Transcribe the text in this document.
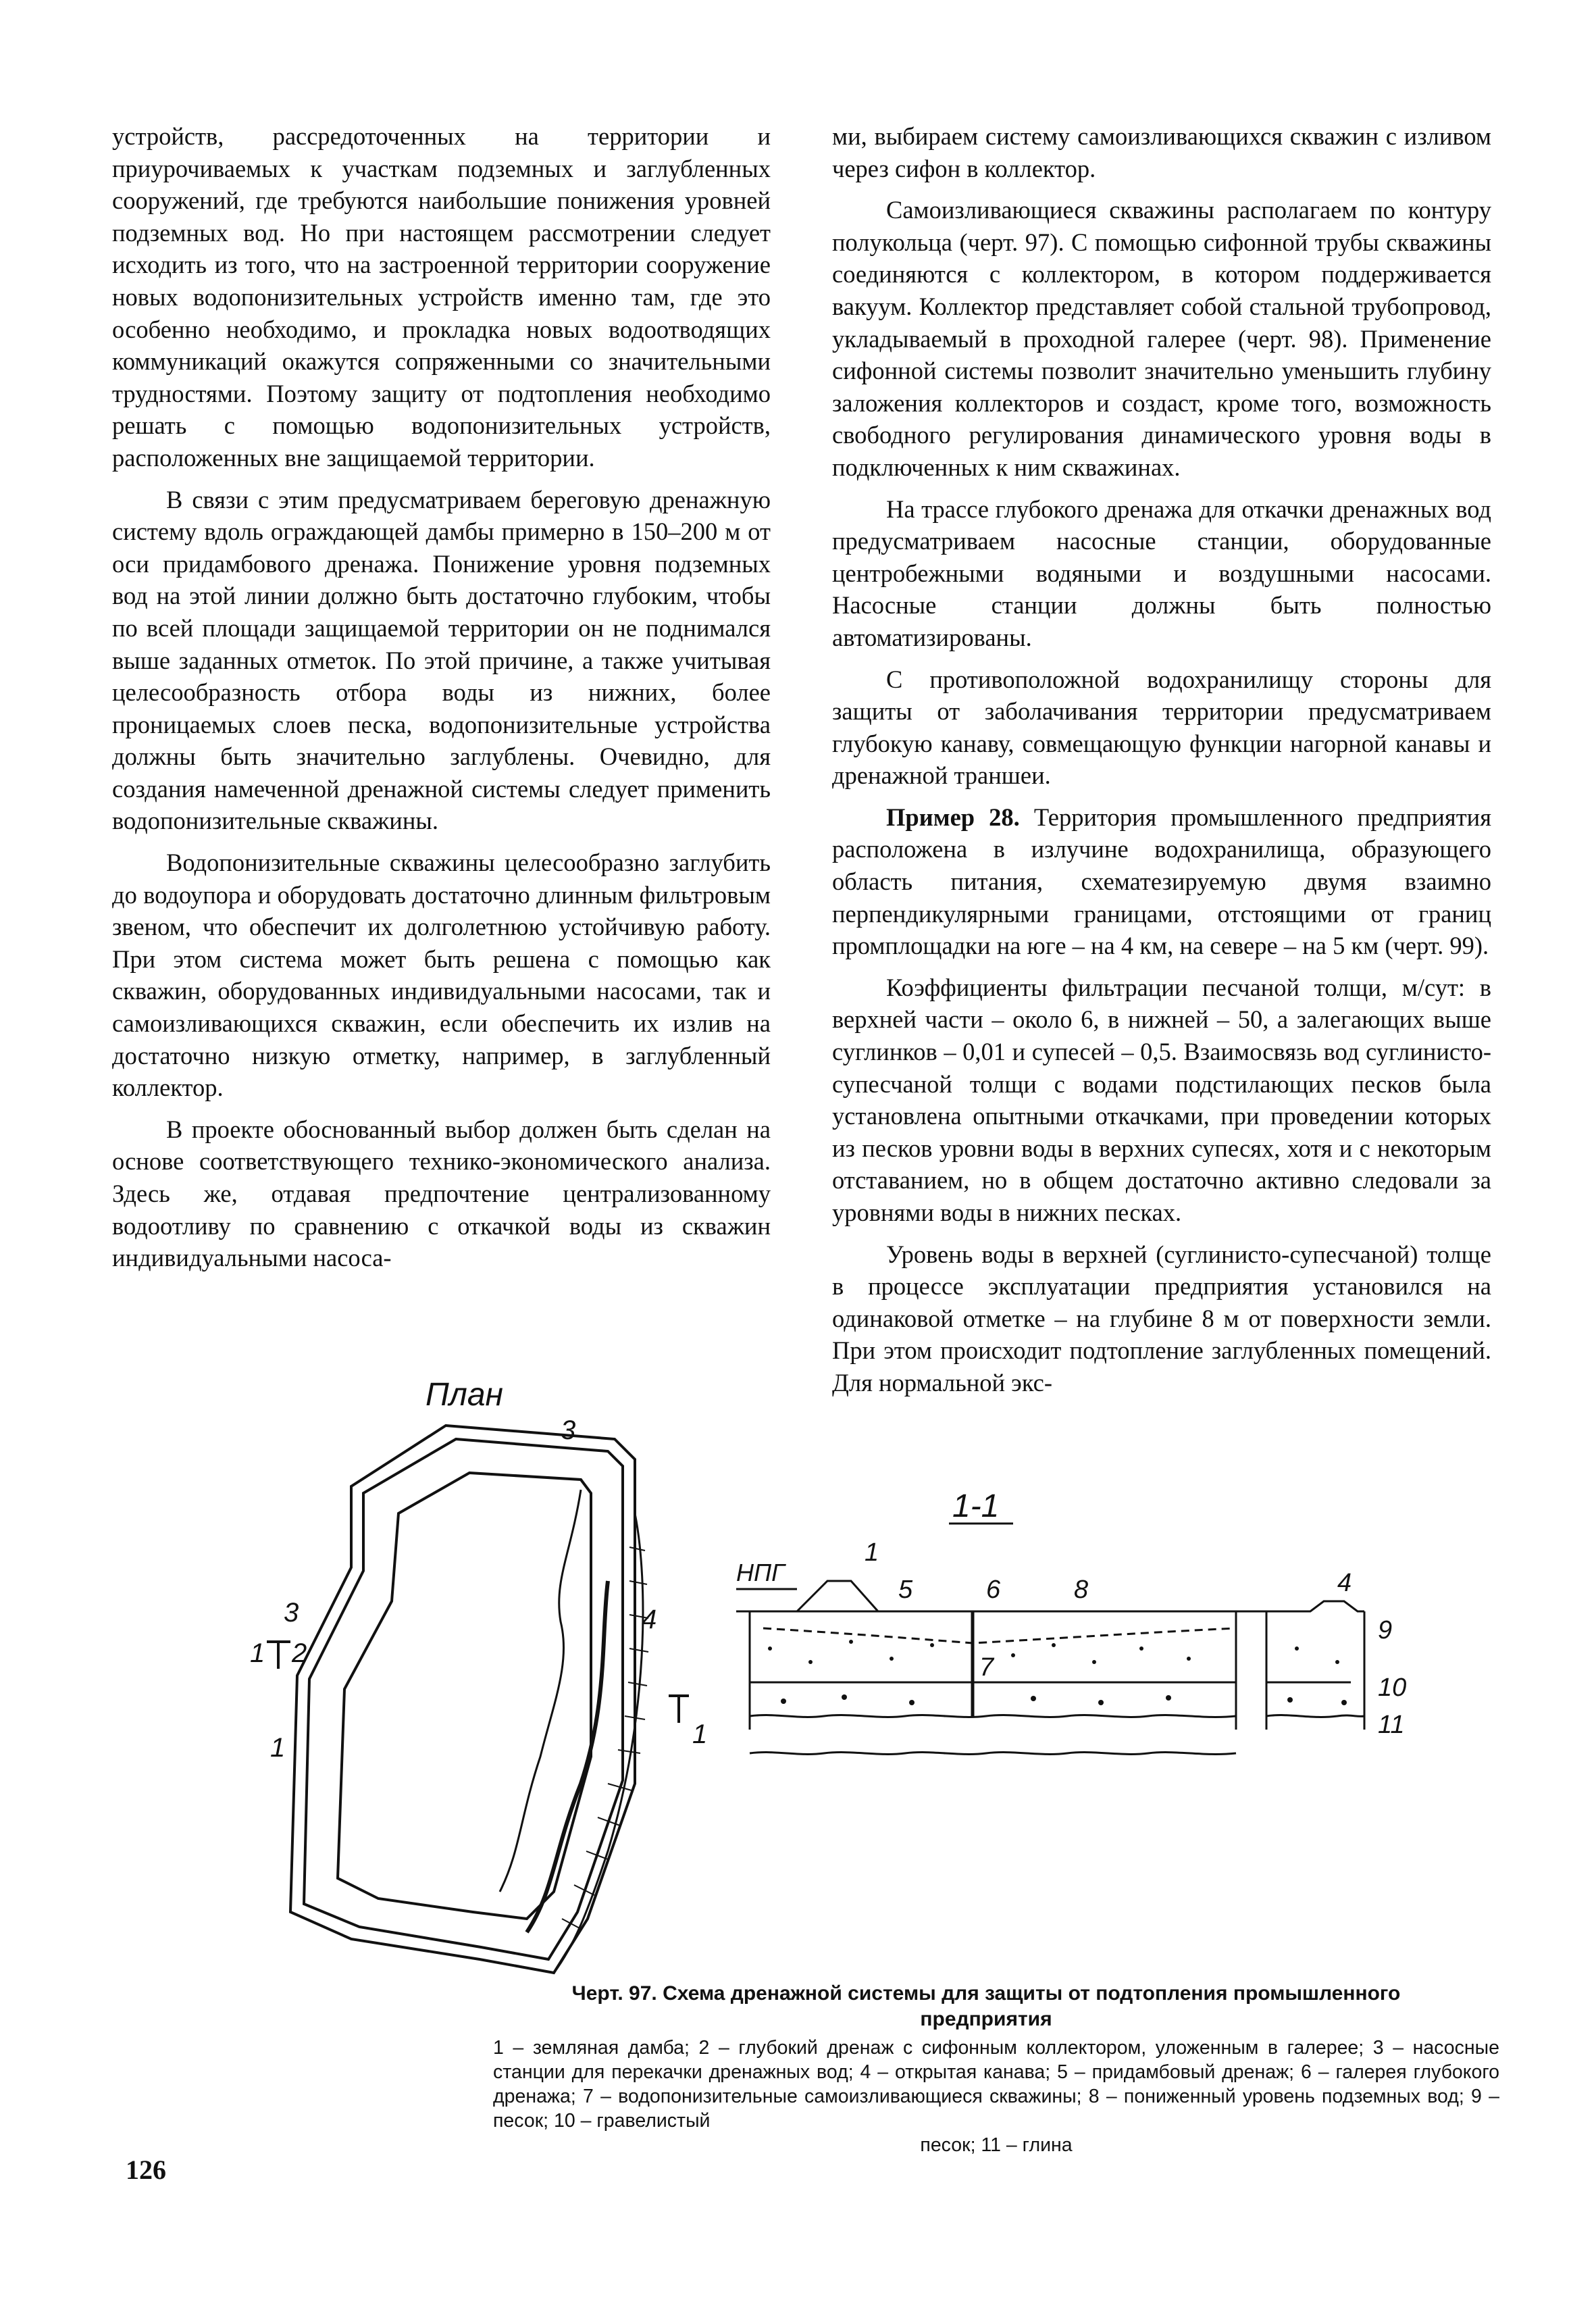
устройств, рассредоточенных на территории и приурочиваемых к участкам подземных и заглубленных сооружений, где требуются наибольшие понижения уровней подземных вод. Но при настоящем рассмотрении следует исходить из того, что на застроенной территории сооружение новых водопонизительных устройств именно там, где это особенно необходимо, и прокладка новых водоотводящих коммуникаций окажутся сопряженными со значительными трудностями. Поэтому защиту от подтопления необходимо решать с помощью водопонизительных устройств, расположенных вне защищаемой территории.

В связи с этим предусматриваем береговую дренажную систему вдоль ограждающей дамбы примерно в 150–200 м от оси придамбового дренажа. Понижение уровня подземных вод на этой линии должно быть достаточно глубоким, чтобы по всей площади защищаемой территории он не поднимался выше заданных отметок. По этой причине, а также учитывая целесообразность отбора воды из нижних, более проницаемых слоев песка, водопонизительные устройства должны быть значительно заглублены. Очевидно, для создания намеченной дренажной системы следует применить водопонизительные скважины.

Водопонизительные скважины целесообразно заглубить до водоупора и оборудовать достаточно длинным фильтровым звеном, что обеспечит их долголетнюю устойчивую работу. При этом система может быть решена с помощью как скважин, оборудованных индивидуальными насосами, так и самоизливающихся скважин, если обеспечить их излив на достаточно низкую отметку, например, в заглубленный коллектор.

В проекте обоснованный выбор должен быть сделан на основе соответствующего технико-экономического анализа. Здесь же, отдавая предпочтение централизованному водоотливу по сравнению с откачкой воды из скважин индивидуальными насоса-

ми, выбираем систему самоизливающихся скважин с изливом через сифон в коллектор.

Самоизливающиеся скважины располагаем по контуру полукольца (черт. 97). С помощью сифонной трубы скважины соединяются с коллектором, в котором поддерживается вакуум. Коллектор представляет собой стальной трубопровод, укладываемый в проходной галерее (черт. 98). Применение сифонной системы позволит значительно уменьшить глубину заложения коллекторов и создаст, кроме того, возможность свободного регулирования динамического уровня воды в подключенных к ним скважинах.

На трассе глубокого дренажа для откачки дренажных вод предусматриваем насосные станции, оборудованные центробежными водяными и воздушными насосами. Насосные станции должны быть полностью автоматизированы.

С противоположной водохранилищу стороны для защиты от заболачивания территории предусматриваем глубокую канаву, совмещающую функции нагорной канавы и дренажной траншеи.

Пример 28. Территория промышленного предприятия расположена в излучине водохранилища, образующего область питания, схематезируемую двумя взаимно перпендикулярными границами, отстоящими от границ промплощадки на юге – на 4 км, на севере – на 5 км (черт. 99).

Коэффициенты фильтрации песчаной толщи, м/сут: в верхней части – около 6, в нижней – 50, а залегающих выше суглинков – 0,01 и супесей – 0,5. Взаимосвязь вод суглинисто-супесчаной толщи с водами подстилающих песков была установлена опытными откачками, при проведении которых из песков уровни воды в верхних супесях, хотя и с некоторым отставанием, но в общем достаточно активно следовали за уровнями воды в нижних песках.

Уровень воды в верхней (суглинисто-супесчаной) толще в процессе эксплуатации предприятия установился на одинаковой отметке – на глубине 8 м от поверхности земли. При этом происходит подтопление заглубленных помещений. Для нормальной экс-

План
3
3	4
1 2
1	1
1-1
НПГ
1
5	6
7
8	4
9
10
11
Черт. 97. Схема дренажной системы для защиты от подтопления промышленного предприятия
1 – земляная дамба; 2 – глубокий дренаж с сифонным коллектором, уложенным в галерее; 3 – насосные станции для перекачки дренажных вод; 4 – открытая канава; 5 – придамбовый дренаж; 6 – галерея глубокого дренажа; 7 – водопонизительные самоизливающиеся скважины; 8 – пониженный уровень подземных вод; 9 – песок; 10 – гравелистый
песок; 11 – глина
126
